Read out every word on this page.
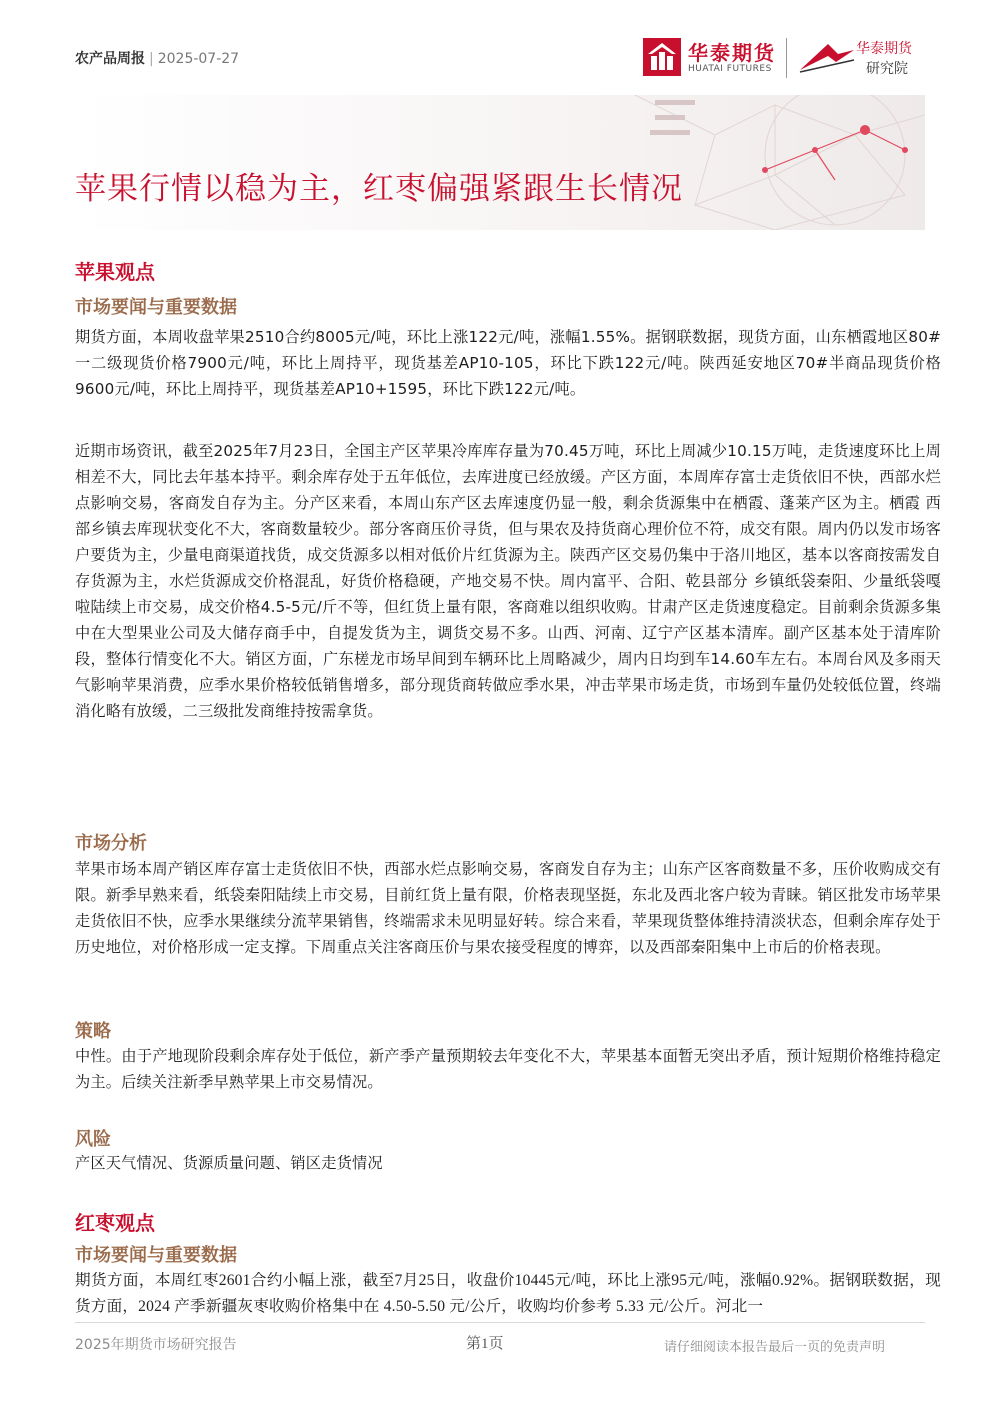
农产品周报 | 2025-07-27	华泰期货
HUATAI FUTURES
华泰期货
研究院
苹果行情以稳为主，红枣偏强紧跟生长情况
苹果观点
市场要闻与重要数据
期货方面，本周收盘苹果2510合约8005元/吨，环比上涨122元/吨，涨幅1.55%。据钢联数据，现货方面，山东栖霞地区80#一二级现货价格7900元/吨，环比上周持平，现货基差AP10-105，环比下跌122元/吨。陕西延安地区70#半商品现货价格9600元/吨，环比上周持平，现货基差AP10+1595，环比下跌122元/吨。
近期市场资讯，截至2025年7月23日，全国主产区苹果冷库库存量为70.45万吨，环比上周减少10.15万吨，走货速度环比上周相差不大，同比去年基本持平。剩余库存处于五年低位，去库进度已经放缓。产区方面，本周库存富士走货依旧不快，西部水烂点影响交易，客商发自存为主。分产区来看，本周山东产区去库速度仍显一般，剩余货源集中在栖霞、蓬莱产区为主。栖霞 西部乡镇去库现状变化不大，客商数量较少。部分客商压价寻货，但与果农及持货商心理价位不符，成交有限。周内仍以发市场客户要货为主，少量电商渠道找货，成交货源多以相对低价片红货源为主。陕西产区交易仍集中于洛川地区，基本以客商按需发自存货源为主，水烂货源成交价格混乱，好货价格稳硬，产地交易不快。周内富平、合阳、乾县部分 乡镇纸袋秦阳、少量纸袋嘎啦陆续上市交易，成交价格4.5-5元/斤不等，但红货上量有限，客商难以组织收购。甘肃产区走货速度稳定。目前剩余货源多集中在大型果业公司及大储存商手中，自提发货为主，调货交易不多。山西、河南、辽宁产区基本清库。副产区基本处于清库阶段，整体行情变化不大。销区方面，广东槎龙市场早间到车辆环比上周略减少，周内日均到车14.60车左右。本周台风及多雨天气影响苹果消费，应季水果价格较低销售增多，部分现货商转做应季水果，冲击苹果市场走货，市场到车量仍处较低位置，终端消化略有放缓，二三级批发商维持按需拿货。
市场分析
苹果市场本周产销区库存富士走货依旧不快，西部水烂点影响交易，客商发自存为主；山东产区客商数量不多，压价收购成交有限。新季早熟来看，纸袋秦阳陆续上市交易，目前红货上量有限，价格表现坚挺，东北及西北客户较为青睐。销区批发市场苹果走货依旧不快，应季水果继续分流苹果销售，终端需求未见明显好转。综合来看，苹果现货整体维持清淡状态，但剩余库存处于历史地位，对价格形成一定支撑。下周重点关注客商压价与果农接受程度的博弈，以及西部秦阳集中上市后的价格表现。
策略
中性。由于产地现阶段剩余库存处于低位，新产季产量预期较去年变化不大，苹果基本面暂无突出矛盾，预计短期价格维持稳定为主。后续关注新季早熟苹果上市交易情况。
风险
产区天气情况、货源质量问题、销区走货情况
红枣观点
市场要闻与重要数据
期货方面，本周红枣2601合约小幅上涨，截至7月25日，收盘价10445元/吨，环比上涨95元/吨，涨幅0.92%。据钢联数据，现货方面，2024 产季新疆灰枣收购价格集中在 4.50-5.50 元/公斤，收购均价参考 5.33 元/公斤。河北一
2025年期货市场研究报告	第1页	请仔细阅读本报告最后一页的免责声明
